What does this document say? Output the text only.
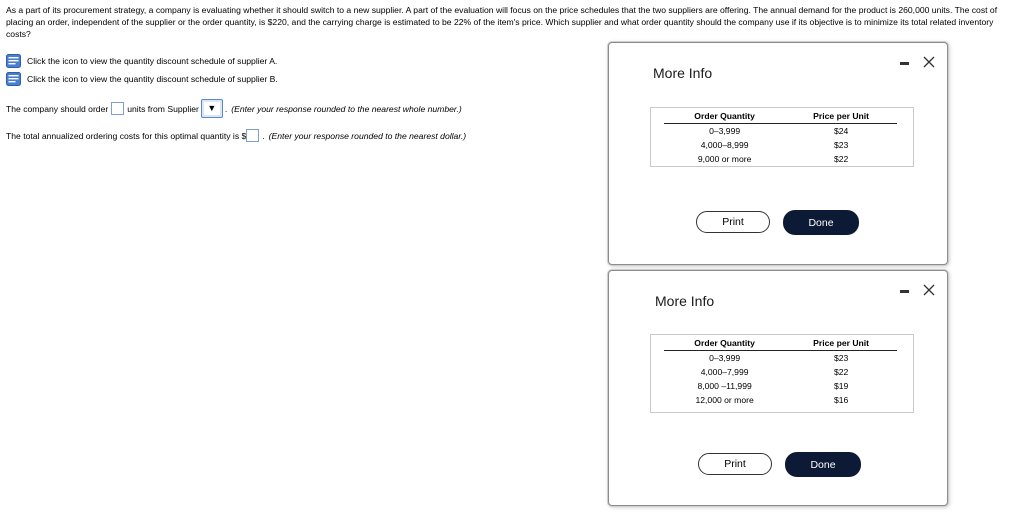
As a part of its procurement strategy, a company is evaluating whether it should switch to a new supplier. A part of the evaluation will focus on the price schedules that the two suppliers are offering. The annual demand for the product is 260,000 units. The cost of placing an order, independent of the supplier or the order quantity, is $220, and the carrying charge is estimated to be 22% of the item's price. Which supplier and what order quantity should the company use if its objective is to minimize its total related inventory costs?
Click the icon to view the quantity discount schedule of supplier A.
Click the icon to view the quantity discount schedule of supplier B.
The company should order units from Supplier ▼ . (Enter your response rounded to the nearest whole number.)
The total annualized ordering costs for this optimal quantity is $ . (Enter your response rounded to the nearest dollar.)
More Info
Order Quantity	Price per Unit
0–3,999	$24
4,000–8,999	$23
9,000 or more	$22
Print	Done
More Info
Order Quantity	Price per Unit
0–3,999	$23
4,000–7,999	$22
8,000 –11,999	$19
12,000 or more	$16
Print	Done
